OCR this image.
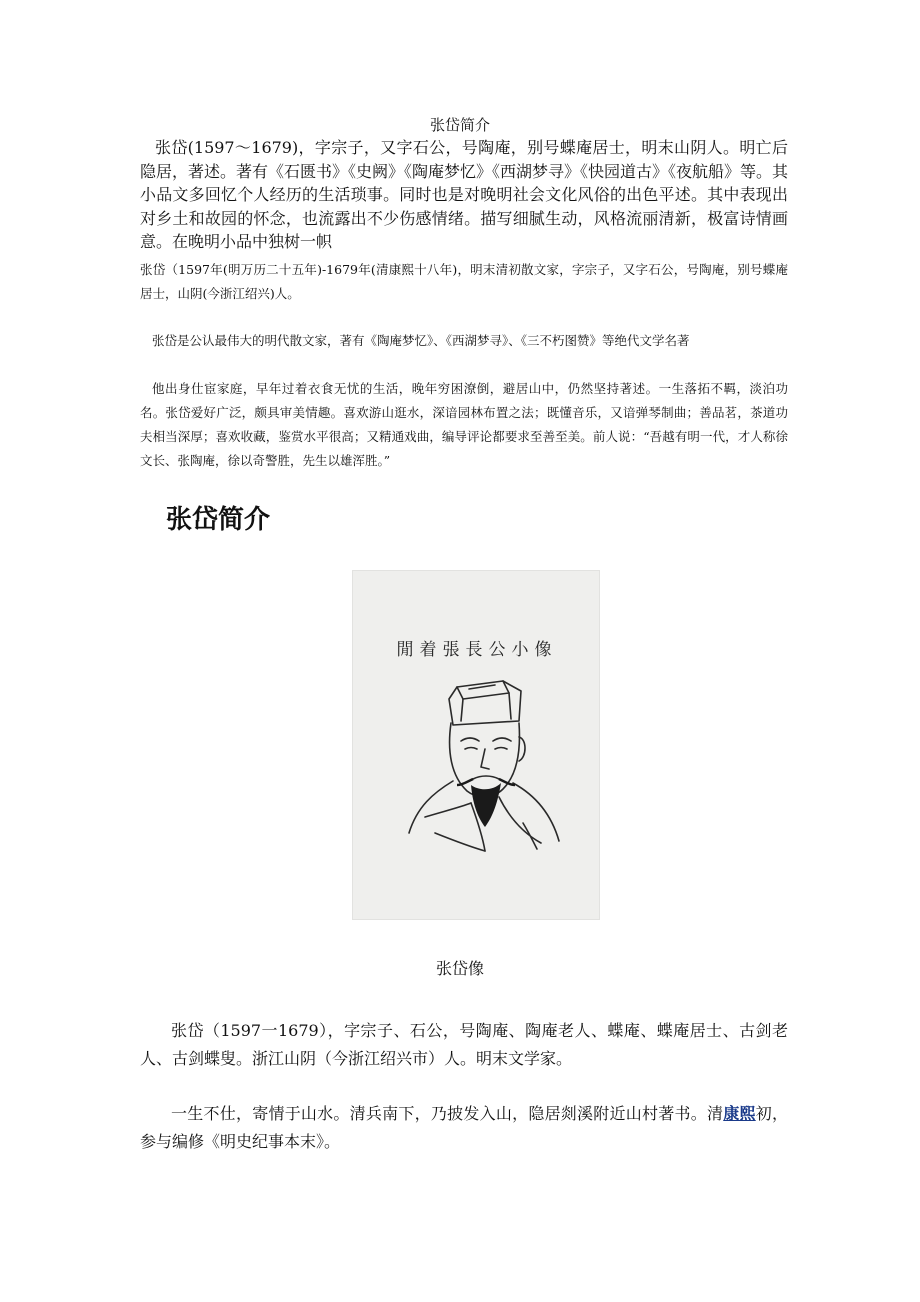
张岱简介

张岱(1597～1679)，字宗子，又字石公，号陶庵，别号蝶庵居士，明末山阴人。明亡后隐居，著述。著有《石匮书》《史阙》《陶庵梦忆》《西湖梦寻》《快园道古》《夜航船》等。其小品文多回忆个人经历的生活琐事。同时也是对晚明社会文化风俗的出色平述。其中表现出对乡土和故园的怀念，也流露出不少伤感情绪。描写细腻生动，风格流丽清新，极富诗情画意。在晚明小品中独树一帜

张岱（1597年(明万历二十五年)-1679年(清康熙十八年)，明末清初散文家，字宗子，又字石公，号陶庵，别号蝶庵居士，山阴(今浙江绍兴)人。

张岱是公认最伟大的明代散文家，著有《陶庵梦忆》、《西湖梦寻》、《三不朽图赞》等绝代文学名著

他出身仕宦家庭，早年过着衣食无忧的生活，晚年穷困潦倒，避居山中，仍然坚持著述。一生落拓不羁，淡泊功名。张岱爱好广泛，颇具审美情趣。喜欢游山逛水，深谙园林布置之法；既懂音乐，又谙弹琴制曲；善品茗，茶道功夫相当深厚；喜欢收藏，鉴赏水平很高；又精通戏曲，编导评论都要求至善至美。前人说：“吾越有明一代，才人称徐文长、张陶庵，徐以奇警胜，先生以雄浑胜。”

张岱简介
閒着張長公小像
张岱像

张岱（1597一1679），字宗子、石公，号陶庵、陶庵老人、蝶庵、蝶庵居士、古剑老人、古剑蝶叟。浙江山阴（今浙江绍兴市）人。明末文学家。

一生不仕，寄情于山水。清兵南下，乃披发入山，隐居剡溪附近山村著书。清康熙初，参与编修《明史纪事本末》。
